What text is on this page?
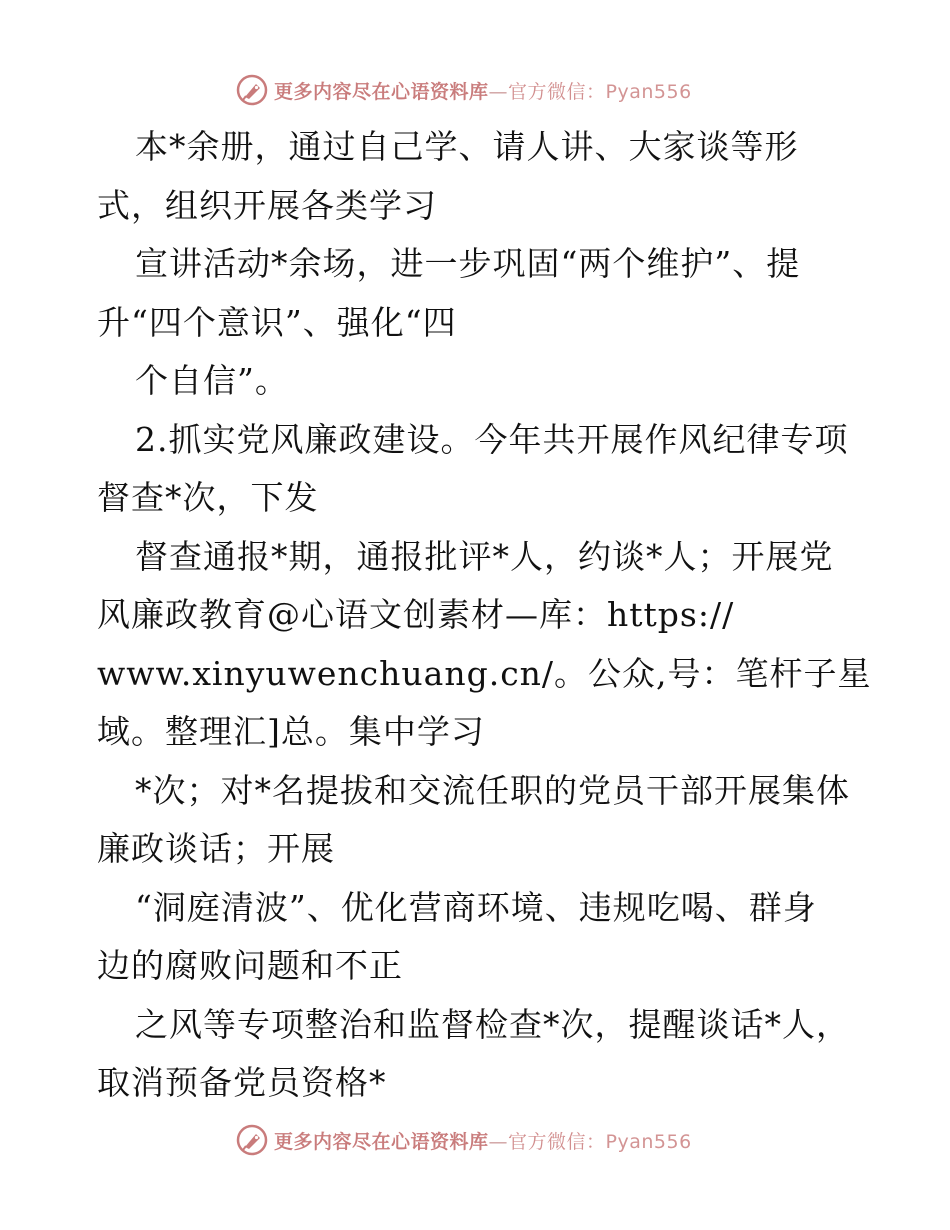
更多内容尽在心语资料库—官方微信：Pyan556
本*余册，通过自己学、请人讲、大家谈等形
式，组织开展各类学习
宣讲活动*余场，进一步巩固“两个维护”、提
升“四个意识”、强化“四
个自信”。
2.抓实党风廉政建设。今年共开展作风纪律专项
督查*次，下发
督查通报*期，通报批评*人，约谈*人；开展党
风廉政教育@心语文创素材—库：https://
www.xinyuwenchuang.cn/。公众,号：笔杆子星
域。整理汇]总。集中学习
*次；对*名提拔和交流任职的党员干部开展集体
廉政谈话；开展
“洞庭清波”、优化营商环境、违规吃喝、群身
边的腐败问题和不正
之风等专项整治和监督检查*次，提醒谈话*人，
取消预备党员资格*
更多内容尽在心语资料库—官方微信：Pyan556
